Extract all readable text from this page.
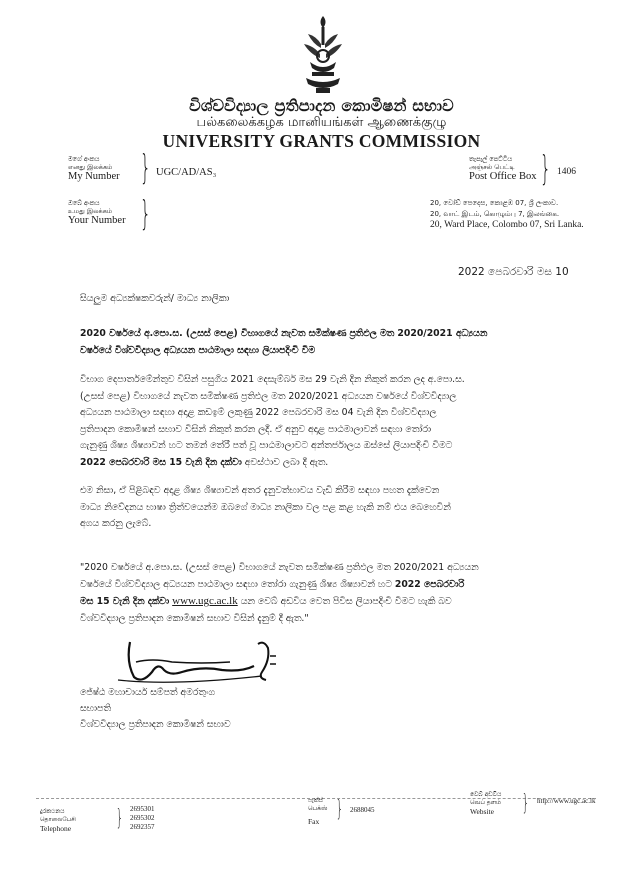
විශ්වවිද්‍යාල ප්‍රතිපාදන කොමිෂන් සභාව
பல்கலைக்கழக மானியங்கள் ஆணைக்குழு
UNIVERSITY GRANTS COMMISSION
මගේ අංකය
எனது இலக்கம்
My Number } UGC/AD/AS₃
ඔබේ අංකය
உமது இலக்கம்
Your Number }
තැපැල් පෙට්ටිය
அஞ்சல் பெட்டி
Post Office Box } 1406
20, වෝඩ් පෙදෙස, කොළඹ 07, ශ්‍රී ලංකාව.
20, வாட் இடம், கொழும்பு 7, இலங்கை.
20, Ward Place, Colombo 07, Sri Lanka.
2022 පෙබරවාරි මස 10
සියලුම අධ්‍යක්ෂකවරුන්/ මාධ්‍ය නාලිකා
2020 වර්ෂයේ අ.පො.ස. (උසස් පෙළ) විභාගයේ නැවත සමීක්ෂණ ප්‍රතිඵල මත 2020/2021 අධ්‍යයන
වර්ෂයේ විශ්වවිද්‍යාල අධ්‍යයන පාඨමාලා සඳහා ලියාපදිංචි වීම
විභාග දෙපාර්තමේන්තුව විසින් පසුගිය 2021 දෙසැම්බර් මස 29 වැනි දින නිකුත් කරන ලද අ.පො.ස.
(උසස් පෙළ) විභාගයේ නැවත සමීක්ෂණ ප්‍රතිඵල මත 2020/2021 අධ්‍යයන වර්ෂයේ විශ්වවිද්‍යාල
අධ්‍යයන පාඨමාලා සඳහා අදාළ කඩඉම් ලකුණු 2022 පෙබරවාරි මස 04 වැනි දින විශ්වවිද්‍යාල
ප්‍රතිපාදන කොමිෂන් සභාව විසින් නිකුත් කරන ලදී. ඒ අනුව අදාළ පාඨමාලාවන් සඳහා තෝරා
ගැනුණු ශිෂ්‍ය ශිෂ්‍යාවන් හට තමන් තේරී පත් වූ පාඨමාලාවට අන්තර්ජාලය ඔස්සේ ලියාපදිංචි වීමට
2022 පෙබරවාරි මස 15 වැනි දින දක්වා අවස්ථාව ලබා දී ඇත.
එම නිසා, ඒ පිළිබඳව අදාළ ශිෂ්‍ය ශිෂ්‍යාවන් අතර දැනුවත්භාවය වැඩි කිරීම සඳහා පහත දැක්වෙන
මාධ්‍ය නිවේදනය භාෂා ත්‍රිත්වයෙන්ම ඔබගේ මාධ්‍ය නාලිකා වල පළ කළ හැකි නම් එය බෙහෙවින්
අගය කරනු ලැබේ.
"2020 වර්ෂයේ අ.පො.ස. (උසස් පෙළ) විභාගයේ නැවත සමීක්ෂණ ප්‍රතිඵල මත 2020/2021 අධ්‍යයන
වර්ෂයේ විශ්වවිද්‍යාල අධ්‍යයන පාඨමාලා සඳහා තෝරා ගැනුණු ශිෂ්‍ය ශිෂ්‍යාවන් හට 2022 පෙබරවාරි
මස 15 වැනි දින දක්වා www.ugc.ac.lk යන වෙබ් අඩවිය වෙත පිවිස ලියාපදිංචි වීමට හැකි බව
විශ්වවිද්‍යාල ප්‍රතිපාදන කොමිෂන් සභාව විසින් දැනුම් දී ඇත."
ජේෂ්ඨ මහාචාර්ය සම්පත් අමරතුංග
සභාපති
විශ්වවිද්‍යාල ප්‍රතිපාදන කොමිෂන් සභාව
දුරකථනය
தொலைபேசி
Telephone } 2695301
2695302
2692357
ෆැක්ස්
பெக்ஸ்
Fax } 2688045
වෙබ් අඩවිය
வெப் தளம்
Website	} http://www.ugc.ac.lk
